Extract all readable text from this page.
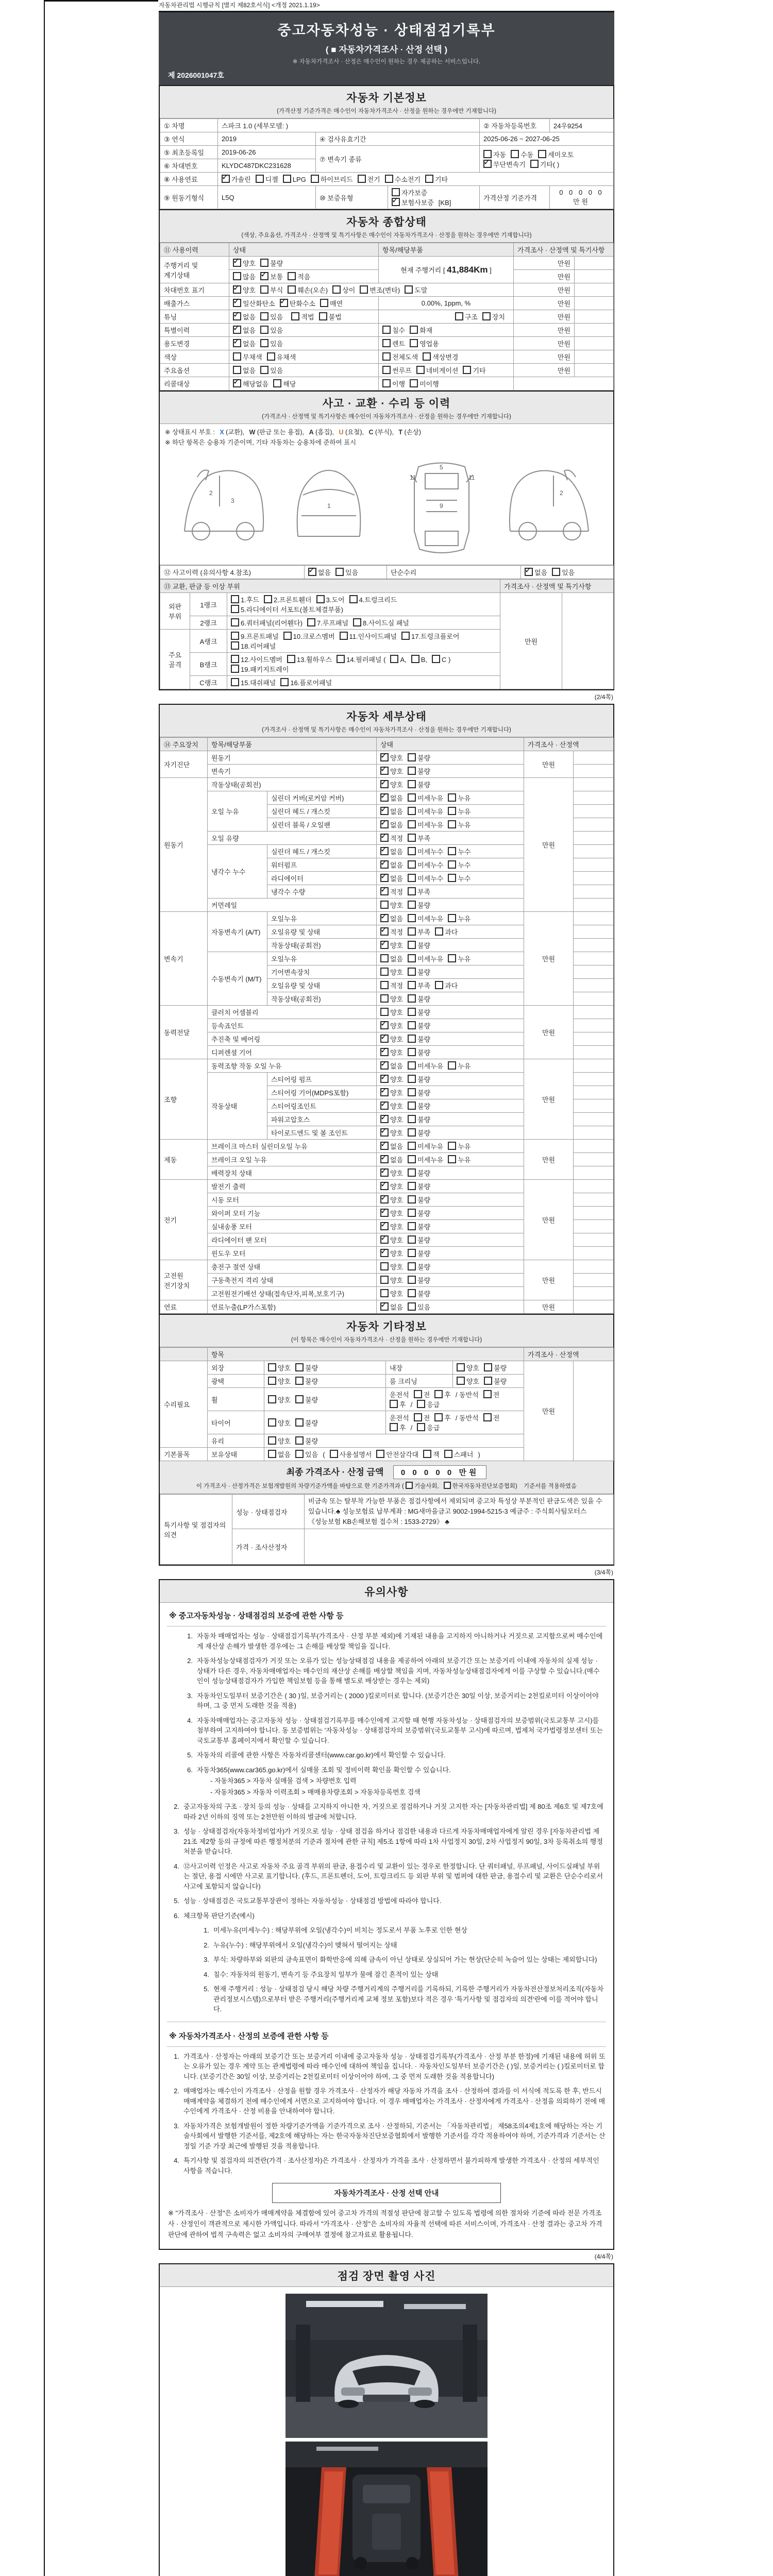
자동차관리법 시행규칙 [별지 제82호서식] <개정 2021.1.19>
중고자동차성능 · 상태점검기록부
( ■ 자동차가격조사 · 산정 선택 )
※ 자동차가격조사 · 산정은 매수인이 원하는 경우 제공하는 서비스입니다.
제 2026001047호
자동차 기본정보
(가격산정 기준가격은 매수인이 자동차가격조사 · 산정을 원하는 경우에만 기재합니다)
① 차명	스파크 1.0 (세부모델: )			② 자동차등록번호	24우9254
③ 연식	2019	④ 검사유효기간		2025-06-26 ~ 2027-06-25	
⑤ 최초등록일	2019-06-26	⑦ 변속기 종류		자동 수동 세미오토✓무단변속기 기타( )
⑥ 차대번호	KLYDC487DKC231628				
⑧ 사용연료	✓가솔린 디젤 LPG 하이브리드 전기 수소전기 기타
⑨ 원동기형식	L5Q	⑩ 보증유형	자가보증✓보험사보증 [KB]	가격산정 기준가격	0 0 0 0 0 만원
자동차 종합상태
(색상, 주요옵션, 가격조사 · 산정액 및 특기사항은 매수인이 자동차가격조사 · 산정을 원하는 경우에만 기재합니다)
⑪ 사용이력	상태	항목/해당부품	가격조사 · 산정액 및 특기사항	
주행거리 및 계기상태	✓양호 불량	현재 주행거리 [ 41,884Km ]	만원	
	많음 ✓ 보통 적음		만원	
차대번호 표기	✓양호 부식 훼손(오손) 상이 변조(변타) 도말		만원	
배출가스	✓일산화탄소 ✓ 탄화수소 매연	0.00%, 1ppm, %	만원	
튜닝	✓없음 있음 적법 불법	구조 장치	만원	
특별이력	✓없음 있음	침수 화재	만원	
용도변경	✓없음 있음	렌트 영업용	만원	
색상	무채색 유채색	전체도색 색상변경	만원	
주요옵션	없음 있음	썬루프 네비게이션 기타	만원	
리콜대상	✓해당없음 해당	이행 미이행		
사고 · 교환 · 수리 등 이력
(가격조사 · 산정액 및 특기사항은 매수인이 자동차가격조사 · 산정을 원하는 경우에만 기재합니다)
※ 상태표시 부호 : X (교환), W (판금 또는 용접), A (흠집), U (요철), C (부식), T (손상)
※ 하단 항목은 승용차 기준이며, 기타 자동차는 승용차에 준하여 표시
2
3
1
11	11
5
9
2
⑫ 사고이력 (유의사항 4.참조)	✓없음 있음	단순수리	✓없음 있음
⑬ 교환, 판금 등 이상 부위			가격조사 · 산정액 및 특기사항	
외판 부위	1랭크	1.후드 2.프론트휀더 3.도어 4.트렁크리드5.라디에이터 서포트(볼트체결부품)	만원	
	2랭크	6.쿼터패널(리어휀다) 7.루프패널 8.사이드실 패널		
주요 골격	A랭크	9.프론트패널 10.크로스멤버 11.인사이드패널 17.트렁크플로어18.리어패널		
	B랭크	12.사이드멤버 13.휠하우스 14.필러패널 ( A, B, C )19.패키지트레이		
	C랭크	15.대쉬패널 16.플로어패널		
(2/4쪽)
자동차 세부상태
(가격조사 · 산정액 및 특기사항은 매수인이 자동차가격조사 · 산정을 원하는 경우에만 기재합니다)
⑭ 주요장치	항목/해당부품		상태	가격조사 · 산정액	
자기진단	원동기	✓양호 불량	만원	
	변속기	✓양호 불량	
원동기	작동상태(공회전)	✓양호 불량	만원	
	오일 누유	실린더 커버(로커암 커버)	✓없음 미세누유 누유	
		실린더 헤드 / 개스킷	✓없음 미세누유 누유	
		실린더 블록 / 오일팬	✓없음 미세누유 누유	
	오일 유량	✓적정 부족	
	냉각수 누수	실린더 헤드 / 개스킷	✓없음 미세누수 누수	
		워터펌프	✓없음 미세누수 누수	
		라디에이터	✓없음 미세누수 누수	
		냉각수 수량	✓적정 부족	
	커먼레일		양호 불량		
변속기	자동변속기 (A/T)	오일누유	✓없음 미세누유 누유	만원	
		오일유량 및 상태	✓적정 부족 과다	
		작동상태(공회전)	✓양호 불량	
	수동변속기 (M/T)	오일누유	없음 미세누유 누유		
		기어변속장치	양호 불량		
		오일유량 및 상태	적정 부족 과다		
		작동상태(공회전)	양호 불량		
동력전달	클러치 어셈블리		양호 불량	만원	
	등속죠인트	✓양호 불량	
	추진축 및 베어링	✓양호 불량	
	디퍼렌셜 기어	✓양호 불량	
조향	동력조향 작동 오일 누유	✓없음 미세누유 누유	만원	
	작동상태	스티어링 펌프	✓양호 불량	
		스티어링 기어(MDPS포함)	✓양호 불량	
		스티어링조인트	✓양호 불량	
		파워고압호스	✓양호 불량	
		타이로드엔드 및 볼 조인트	✓양호 불량	
제동	브레이크 마스터 실린더오일 누유	✓없음 미세누유 누유	만원	
	브레이크 오일 누유	✓없음 미세누유 누유	
	배력장치 상태	✓양호 불량	
전기	발전기 출력	✓양호 불량	만원	
	시동 모터	✓양호 불량	
	와이퍼 모터 기능	✓양호 불량	
	실내송풍 모터	✓양호 불량	
	라디에이터 팬 모터	✓양호 불량	
	윈도우 모터	✓양호 불량	
고전원 전기장치	충전구 절연 상태		양호 불량	만원	
	구동축전지 격리 상태		양호 불량		
	고전원전기배선 상태(접속단자,피복,보호기구)		양호 불량		
연료	연료누출(LP가스포함)	✓없음 있음	만원	
자동차 기타정보
(이 항목은 매수인이 자동차가격조사 · 산정을 원하는 경우에만 기재합니다)
	항목				가격조사 · 산정액	
수리필요	외장	양호 불량	내장	양호 불량	만원	
	광택	양호 불량	룸 크리닝	양호 불량		
	휠	양호 불량	운전석 전 후 / 동반석 전후 / 응급			
	타이어	양호 불량	운전석 전 후 / 동반석 전후 / 응급			
	유리	양호 불량				
기본품목	보유상태	없음 있음 ( 사용설명서 안전삼각대 잭 스패너 )				
최종 가격조사 · 산정 금액 0 0 0 0 0 만원
이 가격조사 · 산정가격은 보험개발원의 차량기준가액을 바탕으로 한 기준가격과 ( 기술사회, 한국자동차진단보증협회) 기준서를 적용하였음
특기사항 및 점검자의 의견	성능 · 상태점검자	비금속 또는 탈부착 가능한 부품은 점검사항에서 제외되며 중고차 특성상 부분적인 판금도색은 있을 수 있습니다.♣ 성능보험료 납부계좌 : MG새마을금고 9002-1994-5215-3 예금주 : 주식회사팀모터스 《성능보험 KB손해보험 접수처 : 1533-2729》 ♣
	가격 · 조사산정자	
(3/4쪽)
유의사항
※ 중고자동차성능 · 상태점검의 보증에 관한 사항 등
1. 자동차 매매업자는 성능 · 상태점검기록부(가격조사 · 산정 부분 제외)에 기재된 내용을 고지하지 아니하거나 거짓으로 고지함으로써 매수인에게 재산상 손해가 발생한 경우에는 그 손해를 배상할 책임을 집니다.
2. 자동차성능상태점검자가 거짓 또는 오류가 있는 성능상태점검 내용을 제공하여 아래의 보증기간 또는 보증거리 이내에 자동차의 실제 성능 · 상태가 다른 경우, 자동차매매업자는 매수인의 재산상 손해를 배상할 책임을 지며, 자동차성능상태점검자에게 이를 구상할 수 있습니다.(매수인이 성능상태점검자가 가입한 책임보험 등을 통해 별도로 배상받는 경우는 제외)
3. 자동차인도일부터 보증기간은 ( 30 )일, 보증거리는 ( 2000 )킬로미터로 합니다. (보증기간은 30일 이상, 보증거리는 2천킬로미터 이상이어야 하며, 그 중 먼저 도래한 것을 적용)
4. 자동차매매업자는 중고자동차 성능 · 상태점검기록부를 매수인에게 고지할 때 현행 자동차성능 · 상태점검자의 보증범위(국토교통부 고시)를 첨부하여 고지하여야 합니다. 동 보증범위는 '자동차성능 · 상태점검자의 보증범위'(국토교통부 고시)에 따르며, 법제처 국가법령정보센터 또는 국토교통부 홈페이지에서 확인할 수 있습니다.
5. 자동차의 리콜에 관한 사항은 자동차리콜센터(www.car.go.kr)에서 확인할 수 있습니다.
6. 자동차365(www.car365.go.kr)에서 실매물 조회 및 정비이력 확인을 확인할 수 있습니다.
- 자동차365 > 자동차 실매물 검색 > 차량번호 입력
- 자동차365 > 자동차 이력조회 > 매매용차량조회 > 자동차등록번호 검색
2. 중고자동차의 구조 · 장치 등의 성능 · 상태를 고지하지 아니한 자, 거짓으로 점검하거나 거짓 고지한 자는 [자동차관리법] 제 80조 제6호 및 제7호에 따라 2년 이하의 징역 또는 2천만원 이하의 벌금에 처합니다.
3. 성능 · 상태점검자(자동차정비업자)가 거짓으로 성능 · 상태 점검을 하거나 점검한 내용과 다르게 자동차매매업자에게 알린 경우 [자동차관리법 제21조 제2항 등의 규정에 따른 행정처분의 기준과 절차에 관한 규칙] 제5조 1항에 따라 1차 사업정지 30일, 2차 사업정지 90일, 3차 등록취소의 행정처분을 받습니다.
4. ⑫사고이력 인정은 사고로 자동차 주요 골격 부위의 판금, 용접수리 및 교환이 있는 경우로 한정합니다. 단 쿼터패널, 루프패널, 사이드실패널 부위는 절단, 용접 시에만 사고로 표기합니다. (후드, 프론트펜더, 도어, 트렁크리드 등 외판 부위 및 범퍼에 대한 판금, 용접수리 및 교환은 단순수리로서 사고에 포함되지 않습니다)
5. 성능 · 상태점검은 국토교통부장관이 정하는 자동차성능 · 상태점검 방법에 따라야 합니다.
6. 체크항목 판단기준(예시)
1. 미세누유(미세누수) : 해당부위에 오일(냉각수)이 비치는 정도로서 부품 노후로 인한 현상
2. 누유(누수) : 해당부위에서 오일(냉각수)이 맺혀서 떨어지는 상태
3. 부식: 차량하부와 외판의 금속표면이 화학반응에 의해 금속이 아닌 상태로 상실되어 가는 현상(단순히 녹슬어 있는 상태는 제외합니다)
4. 침수: 자동차의 원동기, 변속기 등 주요장치 일부가 물에 잠긴 흔적이 있는 상태
5. 현재 주행거리 : 성능 · 상태점검 당시 해당 차량 주행거리계의 주행거리를 기록하되, 기록한 주행거리가 자동차전산정보처리조직(자동차관리정보시스템)으로부터 받은 주행거리(주행거리계 교체 정보 포함)보다 적은 경우 '특기사항 및 점검자의 의견'란에 이를 적어야 합니다.
※ 자동차가격조사 · 산정의 보증에 관한 사항 등
1. 가격조사 · 산정자는 아래의 보증기간 또는 보증거리 이내에 중고자동차 성능 · 상태점검기록부(가격조사 · 산정 부분 한정)에 기재된 내용에 허위 또는 오류가 있는 경우 계약 또는 관계법령에 따라 매수인에 대하여 책임을 집니다. · 자동차인도일부터 보증기간은 ( )일, 보증거리는 ( )킬로미터로 합니다. (보증기간은 30일 이상, 보증거리는 2천킬로미터 이상이어야 하며, 그 중 먼저 도래한 것을 적용합니다)
2. 매매업자는 매수인이 가격조사 · 산정을 원할 경우 가격조사 · 산정자가 해당 자동차 가격을 조사 · 산정하여 결과를 이 서식에 적도록 한 후, 반드시 매매계약을 체결하기 전에 매수인에게 서면으로 고지하여야 합니다. 이 경우 매매업자는 가격조사 · 산정자에게 가격조사 · 산정을 의뢰하기 전에 매수인에게 가격조사 · 산정 비용을 안내하여야 합니다.
3. 자동차가격은 보험개발원이 정한 차량기준가액을 기준가격으로 조사 · 산정하되, 기준서는 「자동차관리법」 제58조의4제1호에 해당하는 자는 기술사회에서 발행한 기준서를, 제2호에 해당하는 자는 한국자동차진단보증협회에서 발행한 기준서를 각각 적용하여야 하며, 기준가격과 기준서는 산정일 기준 가장 최근에 발행된 것을 적용합니다.
4. 특기사항 및 점검자의 의견란(가격 · 조사산정자)은 가격조사 · 산정자가 가격을 조사 · 산정하면서 불가피하게 발생한 가격조사 · 산정의 세부적인 사항을 적습니다.
자동차가격조사 · 산정 선택 안내
※ "가격조사 · 산정"은 소비자가 매매계약을 체결함에 있어 중고차 가격의 적절성 판단에 참고할 수 있도록 법령에 의한 절차와 기준에 따라 전문 가격조사 · 산정인이 객관적으로 제시한 가액입니다. 따라서 "가격조사 · 산정"은 소비자의 자율적 선택에 따른 서비스이며, 가격조사 · 산정 결과는 중고차 가격판단에 관하여 법적 구속력은 없고 소비자의 구매여부 결정에 참고자료로 활용됩니다.
(4/4쪽)
점검 장면 촬영 사진
